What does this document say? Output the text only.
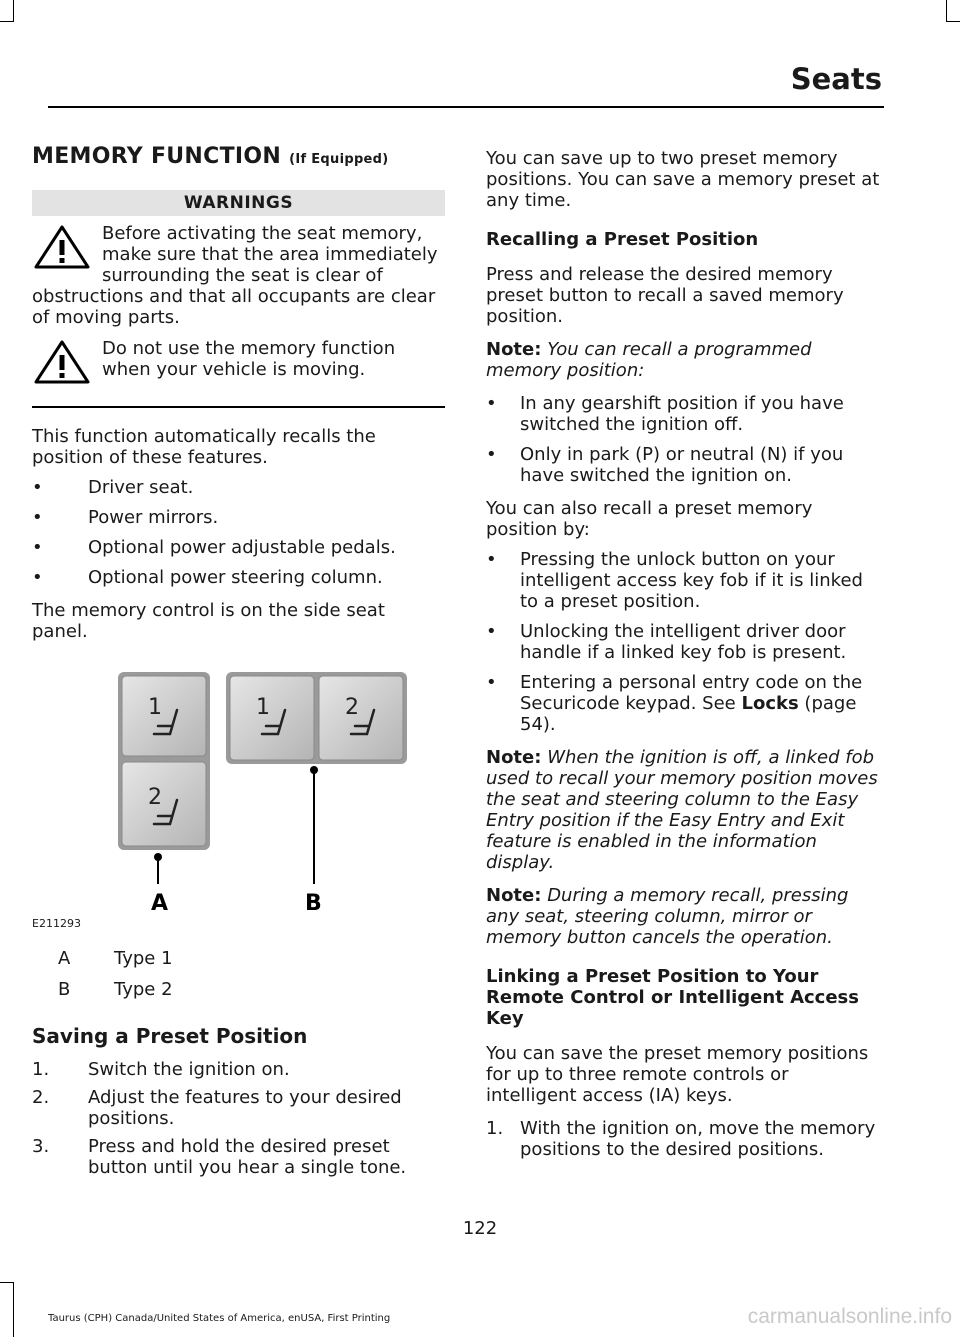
Seats

MEMORY FUNCTION (If Equipped)

WARNINGS

Before activating the seat memory, make sure that the area immediately surrounding the seat is clear of obstructions and that all occupants are clear of moving parts.

Do not use the memory function when your vehicle is moving.

This function automatically recalls the position of these features.

• Driver seat.

• Power mirrors.

• Optional power adjustable pedals.

• Optional power steering column.

The memory control is on the side seat panel.

1
2
1	2
A	B
E211293
A	Type 1
B	Type 2

Saving a Preset Position

1. Switch the ignition on.

2. Adjust the features to your desired positions.

3. Press and hold the desired preset button until you hear a single tone.

You can save up to two preset memory positions. You can save a memory preset at any time.

Recalling a Preset Position

Press and release the desired memory preset button to recall a saved memory position.

Note: You can recall a programmed memory position:

• In any gearshift position if you have switched the ignition off.

• Only in park (P) or neutral (N) if you have switched the ignition on.

You can also recall a preset memory position by:

• Pressing the unlock button on your intelligent access key fob if it is linked to a preset position.

• Unlocking the intelligent driver door handle if a linked key fob is present.

• Entering a personal entry code on the Securicode keypad. See Locks (page 54).

Note: When the ignition is off, a linked fob used to recall your memory position moves the seat and steering column to the Easy Entry position if the Easy Entry and Exit feature is enabled in the information display.

Note: During a memory recall, pressing any seat, steering column, mirror or memory button cancels the operation.

Linking a Preset Position to Your Remote Control or Intelligent Access Key

You can save the preset memory positions for up to three remote controls or intelligent access (IA) keys.

1. With the ignition on, move the memory positions to the desired positions.

122
Taurus (CPH) Canada/United States of America, enUSA, First Printing	carmanualsonline.info
